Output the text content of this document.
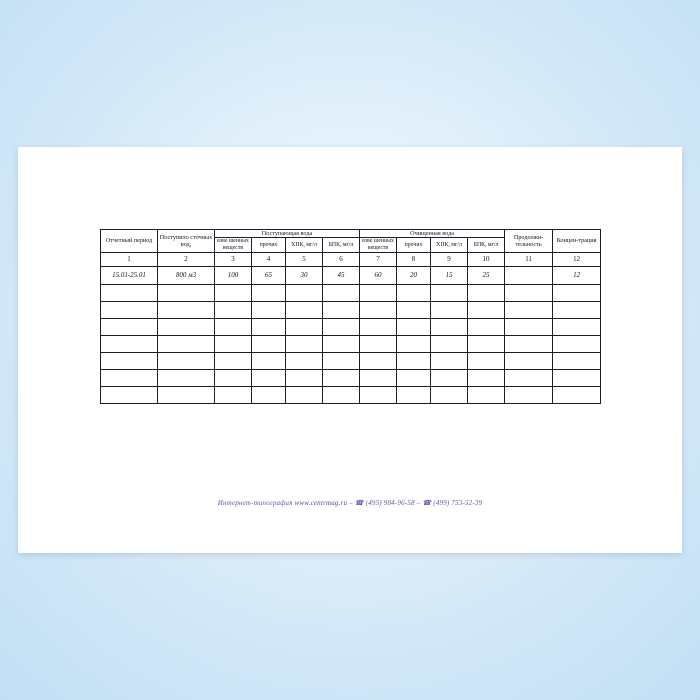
Отчетный период	Поступило сточных вод,	Поступающая вода				Очищенная вода				Продолжи-тельность	Концен-трация
		взве шенных веществ	прочих	ХПК, мг/л	БПК, мг/л	взве шенных веществ	прочих	ХПК, мг/л	БПК, мг/л		
1	2	3	4	5	6	7	8	9	10	11	12
15.01-25.01	800 м3	100	65	30	45	60	20	15	25		12

Интернет-типография www.centrmag.ru – ☎ (495) 984-96-58 – ☎ (499) 753-52-39
